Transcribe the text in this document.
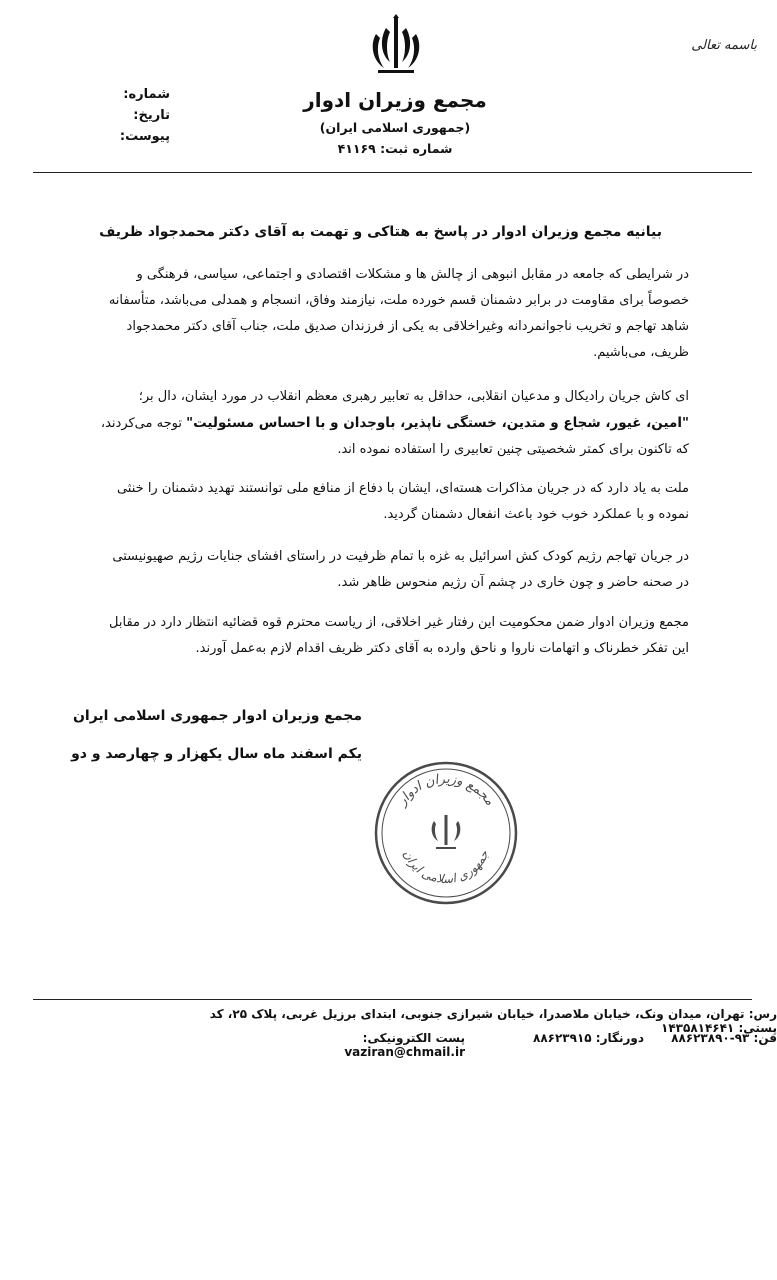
باسمه تعالی
مجمع وزیران ادوار
(جمهوری اسلامی ایران)
شماره ثبت: ۴۱۱۶۹
شماره:
تاریخ:
پیوست:
بیانیه مجمع وزیران ادوار در پاسخ به هتاکی و تهمت به آقای دکتر محمدجواد ظریف
در شرایطی که جامعه در مقابل انبوهی از چالش ها و مشکلات اقتصادی و اجتماعی، سیاسی، فرهنگی و خصوصاً برای مقاومت در برابر دشمنان قسم خورده ملت، نیازمند وفاق، انسجام و همدلی می‌باشد، متأسفانه شاهد تهاجم و تخریب ناجوانمردانه وغیراخلاقی به یکی از فرزندان صدیق ملت، جناب آقای دکتر محمدجواد ظریف، می‌باشیم.
ای کاش جریان رادیکال و مدعیان انقلابی، حداقل به تعابیر رهبری معظم انقلاب در مورد ایشان، دال بر؛ "امین، غیور، شجاع و متدین، خستگی ناپذیر، باوجدان و با احساس مسئولیت" توجه می‌کردند، که تاکنون برای کمتر شخصیتی چنین تعابیری را استفاده نموده اند.
ملت به یاد دارد که در جریان مذاکرات هسته‌ای، ایشان با دفاع از منافع ملی توانستند تهدید دشمنان را خنثی نموده و با عملکرد خوب خود باعث انفعال دشمنان گردید.
در جریان تهاجم رژیم کودک کش اسرائیل به غزه با تمام ظرفیت در راستای افشای جنایات رژیم صهیونیستی در صحنه حاضر و چون خاری در چشم آن رژیم منحوس ظاهر شد.
مجمع وزیران ادوار ضمن محکومیت این رفتار غیر اخلاقی، از ریاست محترم قوه قضائیه انتظار دارد در مقابل این تفکر خطرناک و اتهامات ناروا و ناحق وارده به آقای دکتر ظریف اقدام لازم به‌عمل آورند.
مجمع وزیران ادوار جمهوری اسلامی ایران
یکم اسفند ماه سال یکهزار و چهارصد و دو
مجمع وزیران ادوار
جمهوری اسلامی ایران
رس: تهران، میدان ونک، خیابان ملاصدرا، خیابان شیرازی جنوبی، ابتدای برزیل غربی، پلاک ۲۵، کد پستی: ۱۴۳۵۸۱۴۶۴۱
فن: ۹۳-۸۸۶۲۳۸۹۰
دورنگار: ۸۸۶۲۳۹۱۵
پست الکترونیکی:  vaziran@chmail.ir
